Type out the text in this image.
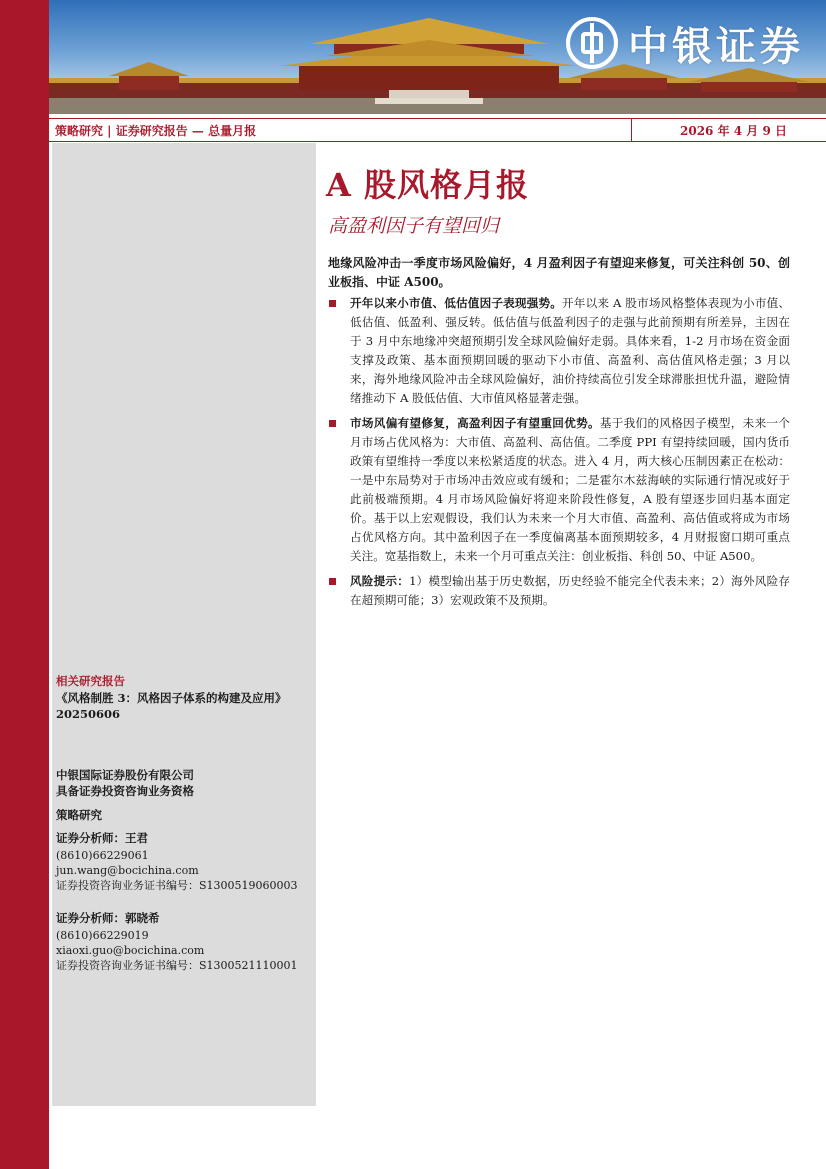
中银证券
策略研究 | 证券研究报告 — 总量月报	2026 年 4 月 9 日
相关研究报告
《风格制胜 3：风格因子体系的构建及应用》
20250606
中银国际证券股份有限公司
具备证券投资咨询业务资格
策略研究
证券分析师：王君
(8610)66229061
jun.wang@bocichina.com
证券投资咨询业务证书编号：S1300519060003
证券分析师：郭晓希
(8610)66229019
xiaoxi.guo@bocichina.com
证券投资咨询业务证书编号：S1300521110001
A 股风格月报
高盈利因子有望回归
地缘风险冲击一季度市场风险偏好，4 月盈利因子有望迎来修复，可关注科创 50、创业板指、中证 A500。
开年以来小市值、低估值因子表现强势。开年以来 A 股市场风格整体表现为小市值、低估值、低盈利、强反转。低估值与低盈利因子的走强与此前预期有所差异，主因在于 3 月中东地缘冲突超预期引发全球风险偏好走弱。具体来看，1-2 月市场在资金面支撑及政策、基本面预期回暖的驱动下小市值、高盈利、高估值风格走强；3 月以来，海外地缘风险冲击全球风险偏好，油价持续高位引发全球滞胀担忧升温，避险情绪推动下 A 股低估值、大市值风格显著走强。
市场风偏有望修复，高盈利因子有望重回优势。基于我们的风格因子模型，未来一个月市场占优风格为：大市值、高盈利、高估值。二季度 PPI 有望持续回暖，国内货币政策有望维持一季度以来松紧适度的状态。进入 4 月，两大核心压制因素正在松动：一是中东局势对于市场冲击效应或有缓和；二是霍尔木兹海峡的实际通行情况或好于此前极端预期。4 月市场风险偏好将迎来阶段性修复，A 股有望逐步回归基本面定价。基于以上宏观假设，我们认为未来一个月大市值、高盈利、高估值或将成为市场占优风格方向。其中盈利因子在一季度偏离基本面预期较多，4 月财报窗口期可重点关注。宽基指数上，未来一个月可重点关注：创业板指、科创 50、中证 A500。
风险提示：1）模型输出基于历史数据，历史经验不能完全代表未来；2）海外风险存在超预期可能；3）宏观政策不及预期。
